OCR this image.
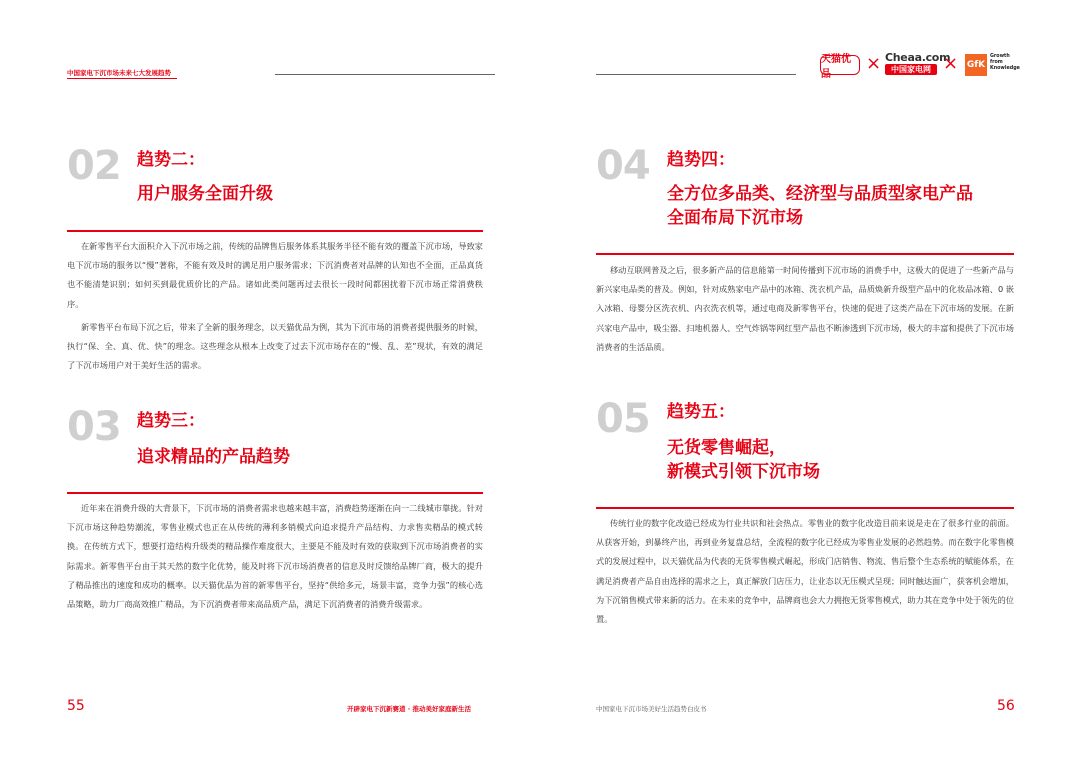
中国家电下沉市场未来七大发展趋势
天猫优品
× Cheaa.com
中国家电网 × GfK
Growth
from
Knowledge
02 趋势二：
用户服务全面升级

在新零售平台大面积介入下沉市场之前，传统的品牌售后服务体系其服务半径不能有效的覆盖下沉市场，导致家电下沉市场的服务以“慢”著称，不能有效及时的满足用户服务需求；下沉消费者对品牌的认知也不全面，正品真货也不能清楚识别；如何买到最优质价比的产品。诸如此类问题再过去很长一段时间都困扰着下沉市场正常消费秩序。

新零售平台布局下沉之后，带来了全新的服务理念，以天猫优品为例，其为下沉市场的消费者提供服务的时候，执行“保、全、真、优、快”的理念。这些理念从根本上改变了过去下沉市场存在的“慢、乱、差”现状，有效的满足了下沉市场用户对于美好生活的需求。

03 趋势三：
追求精品的产品趋势

近年来在消费升级的大背景下，下沉市场的消费者需求也越来越丰富，消费趋势逐渐在向一二线城市靠拢。针对下沉市场这种趋势潮流，零售业模式也正在从传统的薄利多销模式向追求提升产品结构、力求售卖精品的模式转换。在传统方式下，想要打造结构升级类的精品操作难度很大，主要是不能及时有效的获取到下沉市场消费者的实际需求。新零售平台由于其天然的数字化优势，能及时将下沉市场消费者的信息及时反馈给品牌厂商，极大的提升了精品推出的速度和成功的概率。以天猫优品为首的新零售平台，坚持“供给多元，场景丰富，竞争力强”的核心选品策略，助力厂商高效推广精品，为下沉消费者带来高品质产品，满足下沉消费者的消费升级需求。

04 趋势四：
全方位多品类、经济型与品质型家电产品
全面布局下沉市场

移动互联网普及之后，很多新产品的信息能第一时间传播到下沉市场的消费手中，这极大的促进了一些新产品与新兴家电品类的普及。例如，针对成熟家电产品中的冰箱、洗衣机产品，品质焕新升级型产品中的化妆品冰箱、0 嵌入冰箱、母婴分区洗衣机、内衣洗衣机等，通过电商及新零售平台，快速的促进了这类产品在下沉市场的发展。在新兴家电产品中，吸尘器、扫地机器人、空气炸锅等网红型产品也不断渗透到下沉市场，极大的丰富和提供了下沉市场消费者的生活品质。

05 趋势五：
无货零售崛起，
新模式引领下沉市场

传统行业的数字化改造已经成为行业共识和社会热点。零售业的数字化改造目前来说是走在了很多行业的前面。从获客开始，到暴终产出，再到业务复盘总结，全流程的数字化已经成为零售业发展的必然趋势。而在数字化零售模式的发展过程中，以天猫优品为代表的无货零售模式崛起，形成门店销售、物流、售后整个生态系统的赋能体系，在满足消费者产品自由选择的需求之上，真正解放门店压力，让业态以无压模式呈现；同时触达面广，获客机会增加，为下沉销售模式带来新的活力。在未来的竞争中，品牌商也会大力拥抱无货零售模式，助力其在竞争中处于领先的位置。

55	开辟家电下沉新赛道 · 推动美好家庭新生活	中国家电下沉市场美好生活趋势白皮书	56
